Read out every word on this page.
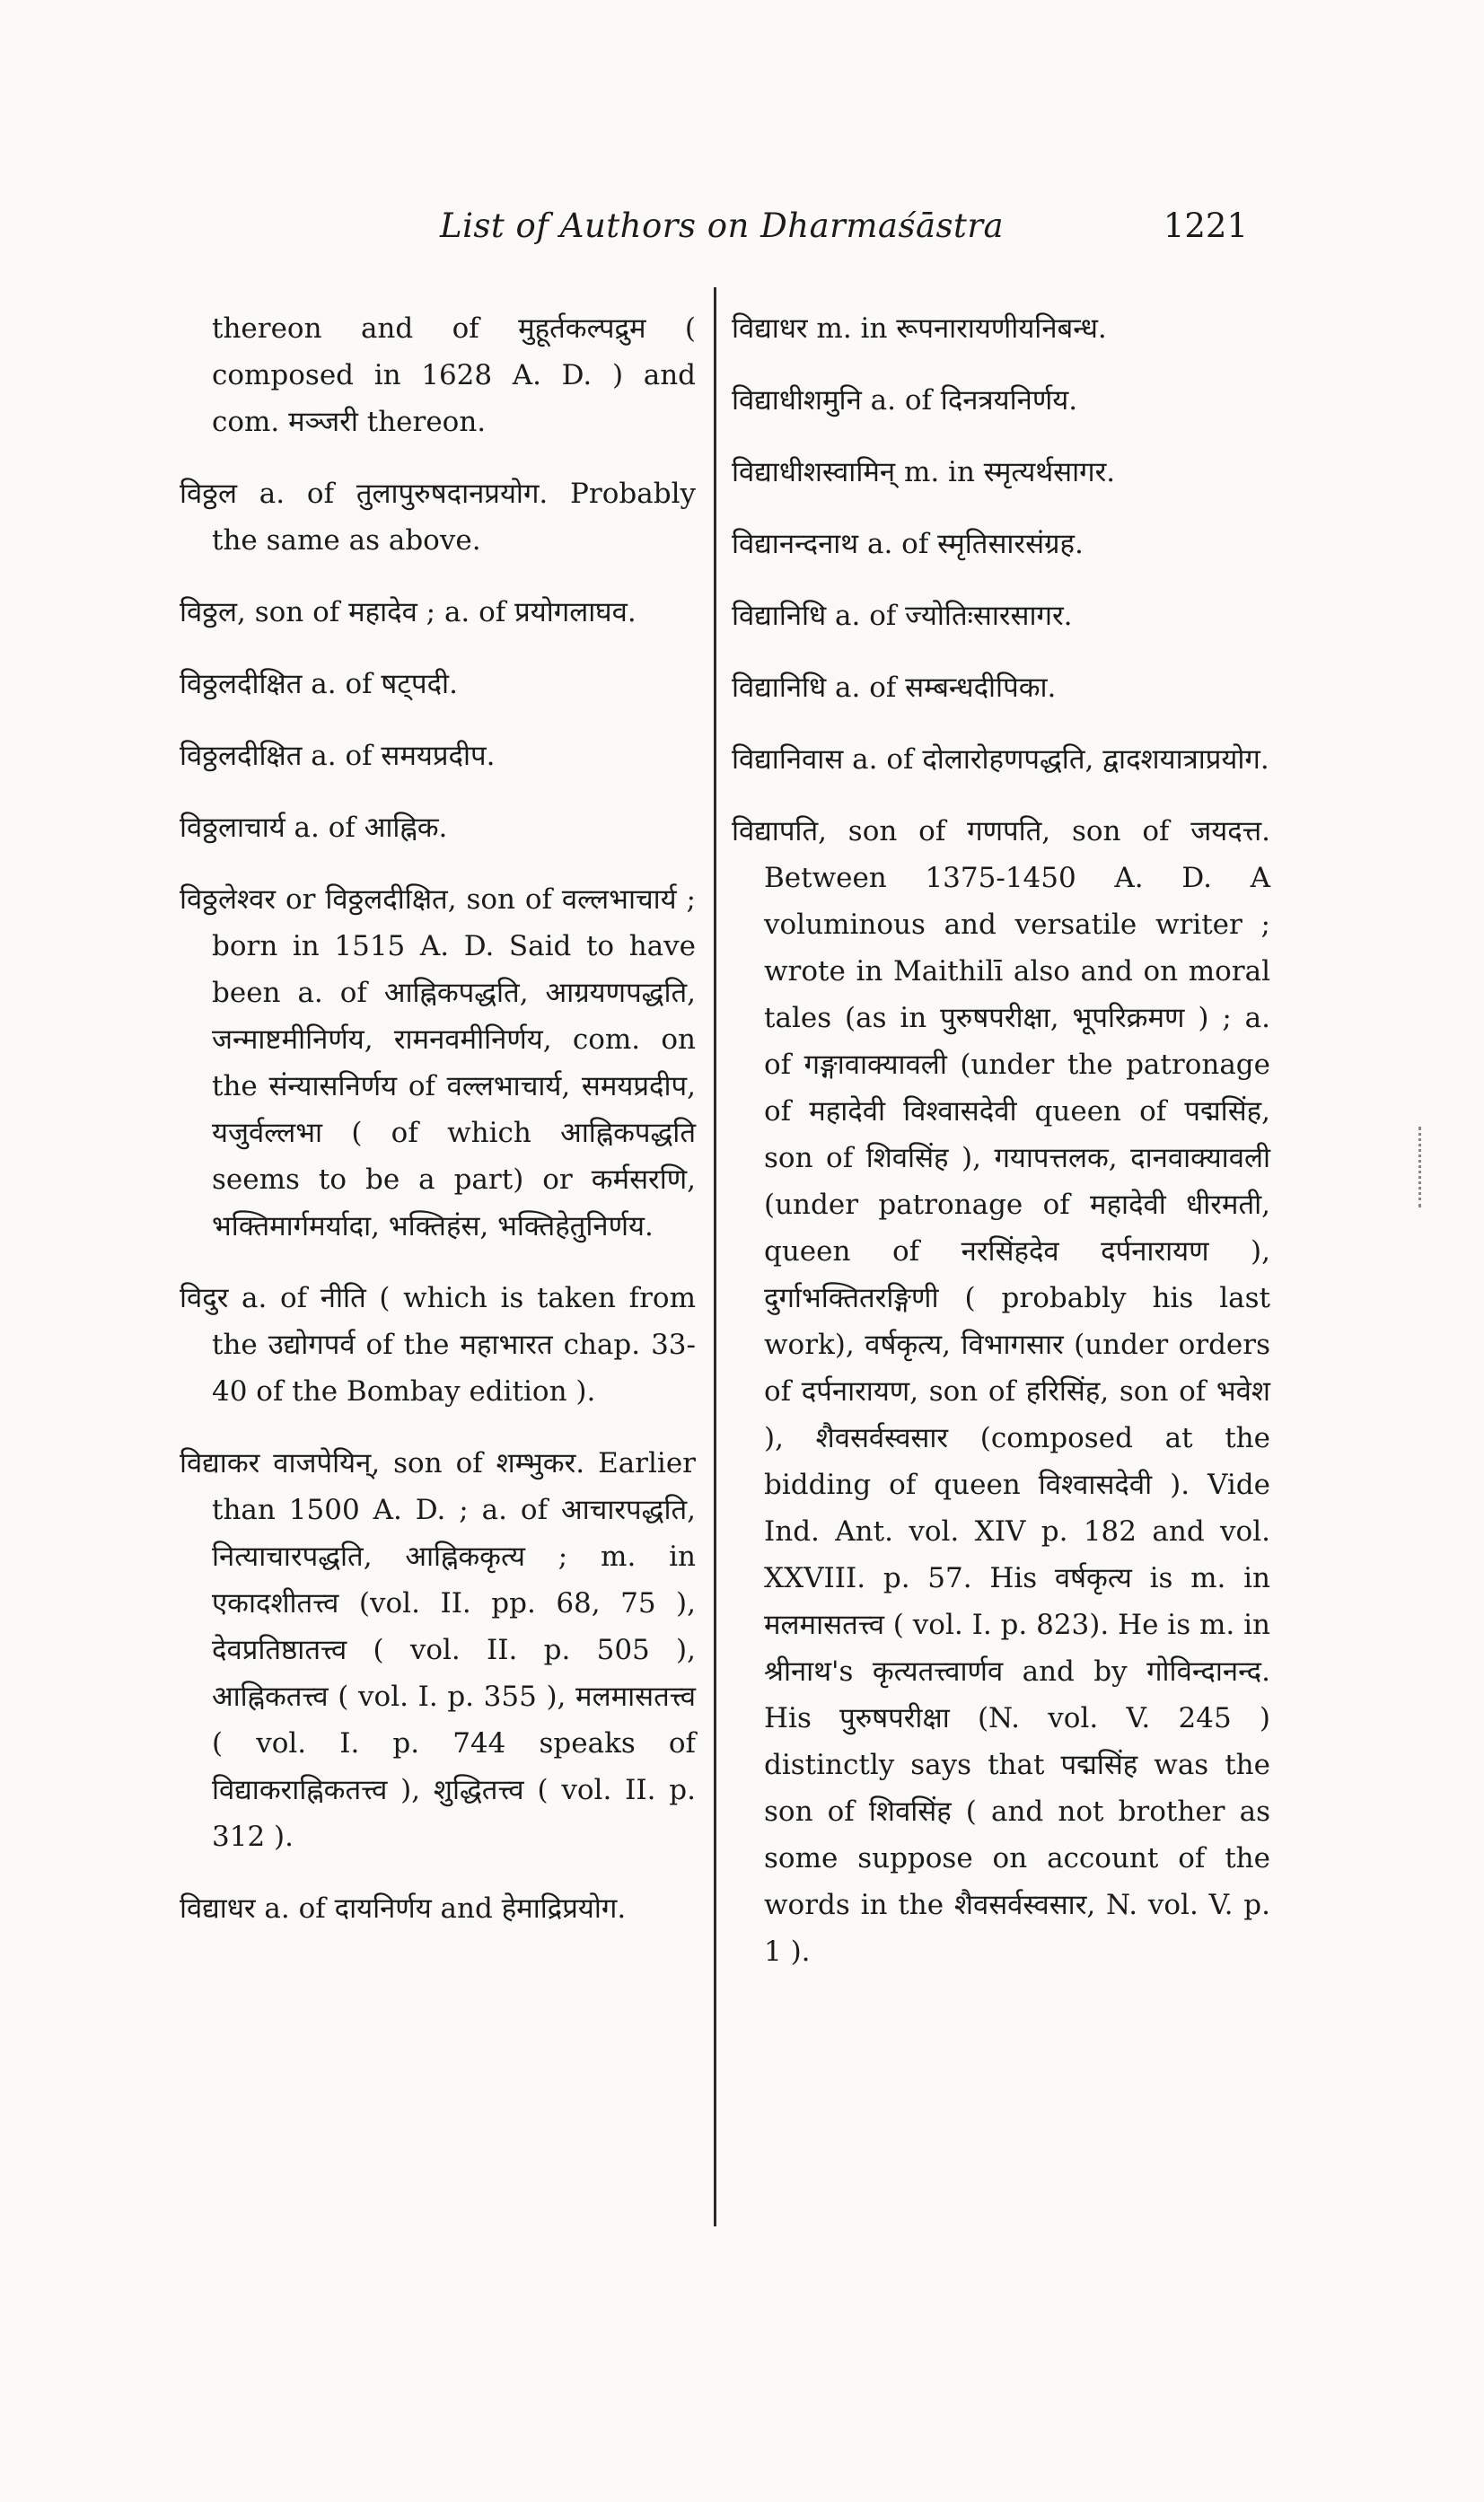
List of Authors on Dharmaśāstra	1221

thereon and of मुहूर्तकल्पद्रुम ( composed in 1628 A. D. ) and com. मञ्जरी thereon.

विठ्ठल a. of तुलापुरुषदानप्रयोग. Probably the same as above.

विठ्ठल, son of महादेव ; a. of प्रयोगलाघव.

विठ्ठलदीक्षित a. of षट्पदी.

विठ्ठलदीक्षित a. of समयप्रदीप.

विठ्ठलाचार्य a. of आह्निक.

विठ्ठलेश्वर or विठ्ठलदीक्षित, son of वल्लभाचार्य ; born in 1515 A. D. Said to have been a. of आह्निकपद्धति, आग्रयणपद्धति, जन्माष्टमीनिर्णय, रामनवमीनिर्णय, com. on the संन्यासनिर्णय of वल्लभाचार्य, समयप्रदीप, यजुर्वल्लभा ( of which आह्निकपद्धति seems to be a part) or कर्मसरणि, भक्तिमार्गमर्यादा, भक्तिहंस, भक्तिहेतुनिर्णय.

विदुर a. of नीति ( which is taken from the उद्योगपर्व of the महाभारत chap. 33-40 of the Bombay edition ).

विद्याकर वाजपेयिन्, son of शम्भुकर. Earlier than 1500 A. D. ; a. of आचारपद्धति, नित्याचारपद्धति, आह्निककृत्य ; m. in एकादशीतत्त्व (vol. II. pp. 68, 75 ), देवप्रतिष्ठातत्त्व ( vol. II. p. 505 ), आह्निकतत्त्व ( vol. I. p. 355 ), मलमासतत्त्व ( vol. I. p. 744 speaks of विद्याकराह्निकतत्त्व ), शुद्धितत्त्व ( vol. II. p. 312 ).

विद्याधर a. of दायनिर्णय and हेमाद्रिप्रयोग.

विद्याधर m. in रूपनारायणीयनिबन्ध.

विद्याधीशमुनि a. of दिनत्रयनिर्णय.

विद्याधीशस्वामिन् m. in स्मृत्यर्थसागर.

विद्यानन्दनाथ a. of स्मृतिसारसंग्रह.

विद्यानिधि a. of ज्योतिःसारसागर.

विद्यानिधि a. of सम्बन्धदीपिका.

विद्यानिवास a. of दोलारोहणपद्धति, द्वादशयात्राप्रयोग.

विद्यापति, son of गणपति, son of जयदत्त. Between 1375-1450 A. D. A voluminous and versatile writer ; wrote in Maithilī also and on moral tales (as in पुरुषपरीक्षा, भूपरिक्रमण ) ; a. of गङ्गावाक्यावली (under the patronage of महादेवी विश्वासदेवी queen of पद्मसिंह, son of शिवसिंह ), गयापत्तलक, दानवाक्यावली (under patronage of महादेवी धीरमती, queen of नरसिंहदेव दर्पनारायण ), दुर्गाभक्तितरङ्गिणी ( probably his last work), वर्षकृत्य, विभागसार (under orders of दर्पनारायण, son of हरिसिंह, son of भवेश ), शैवसर्वस्वसार (composed at the bidding of queen विश्वासदेवी ). Vide Ind. Ant. vol. XIV p. 182 and vol. XXVIII. p. 57. His वर्षकृत्य is m. in मलमासतत्त्व ( vol. I. p. 823). He is m. in श्रीनाथ's कृत्यतत्त्वार्णव and by गोविन्दानन्द. His पुरुषपरीक्षा (N. vol. V. 245 ) distinctly says that पद्मसिंह was the son of शिवसिंह ( and not brother as some suppose on account of the words in the शैवसर्वस्वसार, N. vol. V. p. 1 ).
